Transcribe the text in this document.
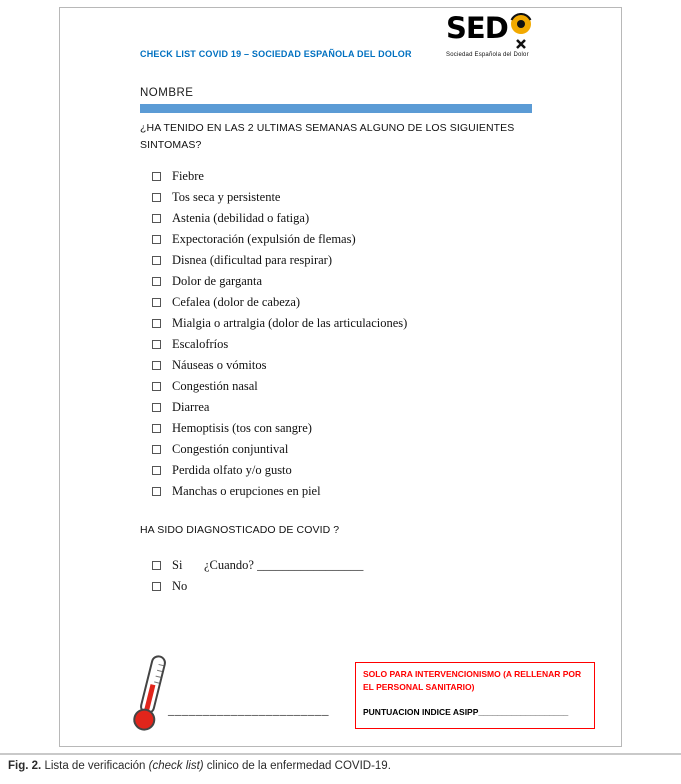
SED
Sociedad Española del Dolor
CHECK LIST COVID 19 – SOCIEDAD ESPAÑOLA DEL DOLOR
NOMBRE
¿HA TENIDO EN LAS 2 ULTIMAS SEMANAS ALGUNO DE LOS SIGUIENTES SINTOMAS?
Fiebre
Tos seca y persistente
Astenia (debilidad o fatiga)
Expectoración (expulsión de flemas)
Disnea (dificultad para respirar)
Dolor de garganta
Cefalea (dolor de cabeza)
Mialgia o artralgia (dolor de las articulaciones)
Escalofríos
Náuseas o vómitos
Congestión nasal
Diarrea
Hemoptisis (tos con sangre)
Congestión conjuntival
Perdida olfato y/o gusto
Manchas o erupciones en piel
HA SIDO DIAGNOSTICADO DE COVID ?
Si	¿Cuando? _________________
No
_______________________
SOLO PARA INTERVENCIONISMO (A RELLENAR POR EL PERSONAL SANITARIO)
PUNTUACION INDICE ASIPP___________________
Fig. 2. Lista de verificación (check list) clinico de la enfermedad COVID-19.
